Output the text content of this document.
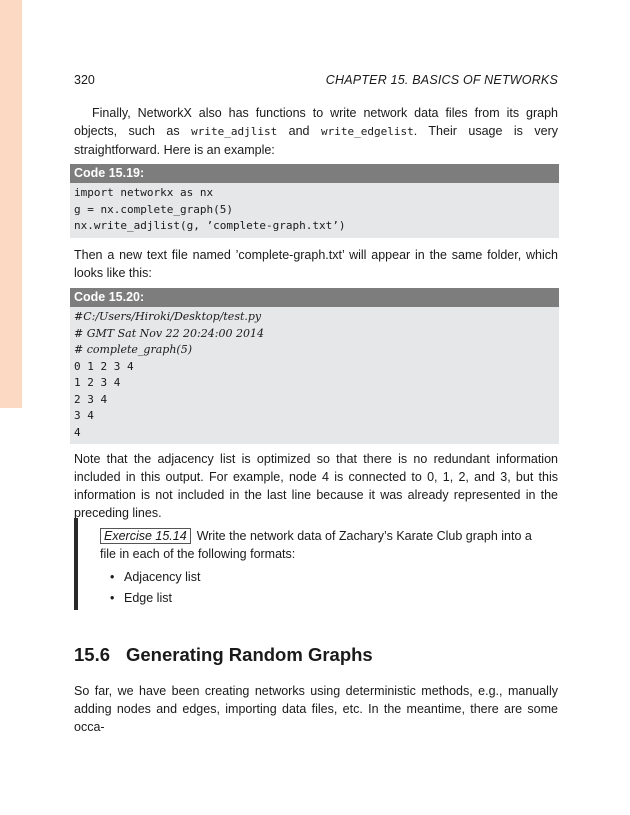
320	CHAPTER 15. BASICS OF NETWORKS

Finally, NetworkX also has functions to write network data files from its graph objects, such as write_adjlist and write_edgelist. Their usage is very straightforward. Here is an example:

Code 15.19:
import networkx as nx
g = nx.complete_graph(5)
nx.write_adjlist(g, ’complete-graph.txt’)

Then a new text file named ’complete-graph.txt’ will appear in the same folder, which looks like this:

Code 15.20:
#C:/Users/Hiroki/Desktop/test.py
# GMT Sat Nov 22 20:24:00 2014
# complete_graph(5)
0 1 2 3 4
1 2 3 4
2 3 4
3 4
4

Note that the adjacency list is optimized so that there is no redundant information included in this output. For example, node 4 is connected to 0, 1, 2, and 3, but this information is not included in the last line because it was already represented in the preceding lines.

Exercise 15.14 Write the network data of Zachary’s Karate Club graph into a file in each of the following formats:
• Adjacency list
• Edge list
15.6 Generating Random Graphs

So far, we have been creating networks using deterministic methods, e.g., manually adding nodes and edges, importing data files, etc. In the meantime, there are some occa-
